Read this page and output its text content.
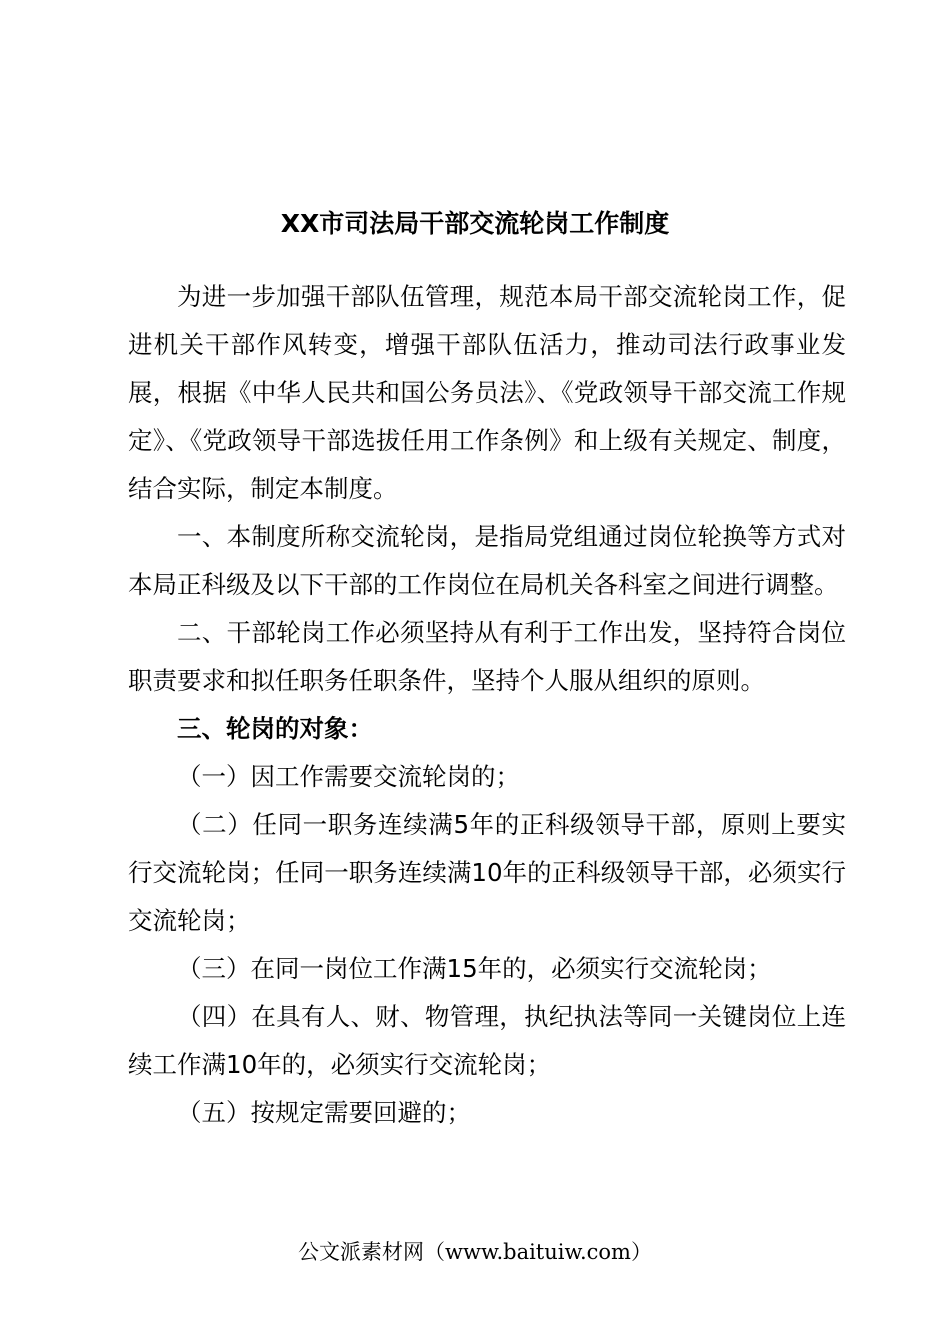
XX市司法局干部交流轮岗工作制度

为进一步加强干部队伍管理，规范本局干部交流轮岗工作，促进机关干部作风转变，增强干部队伍活力，推动司法行政事业发展，根据《中华人民共和国公务员法》、《党政领导干部交流工作规定》、《党政领导干部选拔任用工作条例》和上级有关规定、制度，结合实际，制定本制度。

一、本制度所称交流轮岗，是指局党组通过岗位轮换等方式对本局正科级及以下干部的工作岗位在局机关各科室之间进行调整。

二、干部轮岗工作必须坚持从有利于工作出发，坚持符合岗位职责要求和拟任职务任职条件，坚持个人服从组织的原则。

三、轮岗的对象：

（一）因工作需要交流轮岗的；

（二）任同一职务连续满5年的正科级领导干部，原则上要实行交流轮岗；任同一职务连续满10年的正科级领导干部，必须实行交流轮岗；

（三）在同一岗位工作满15年的，必须实行交流轮岗；

（四）在具有人、财、物管理，执纪执法等同一关键岗位上连续工作满10年的，必须实行交流轮岗；

（五）按规定需要回避的；

公文派素材网（www.baituiw.com）
